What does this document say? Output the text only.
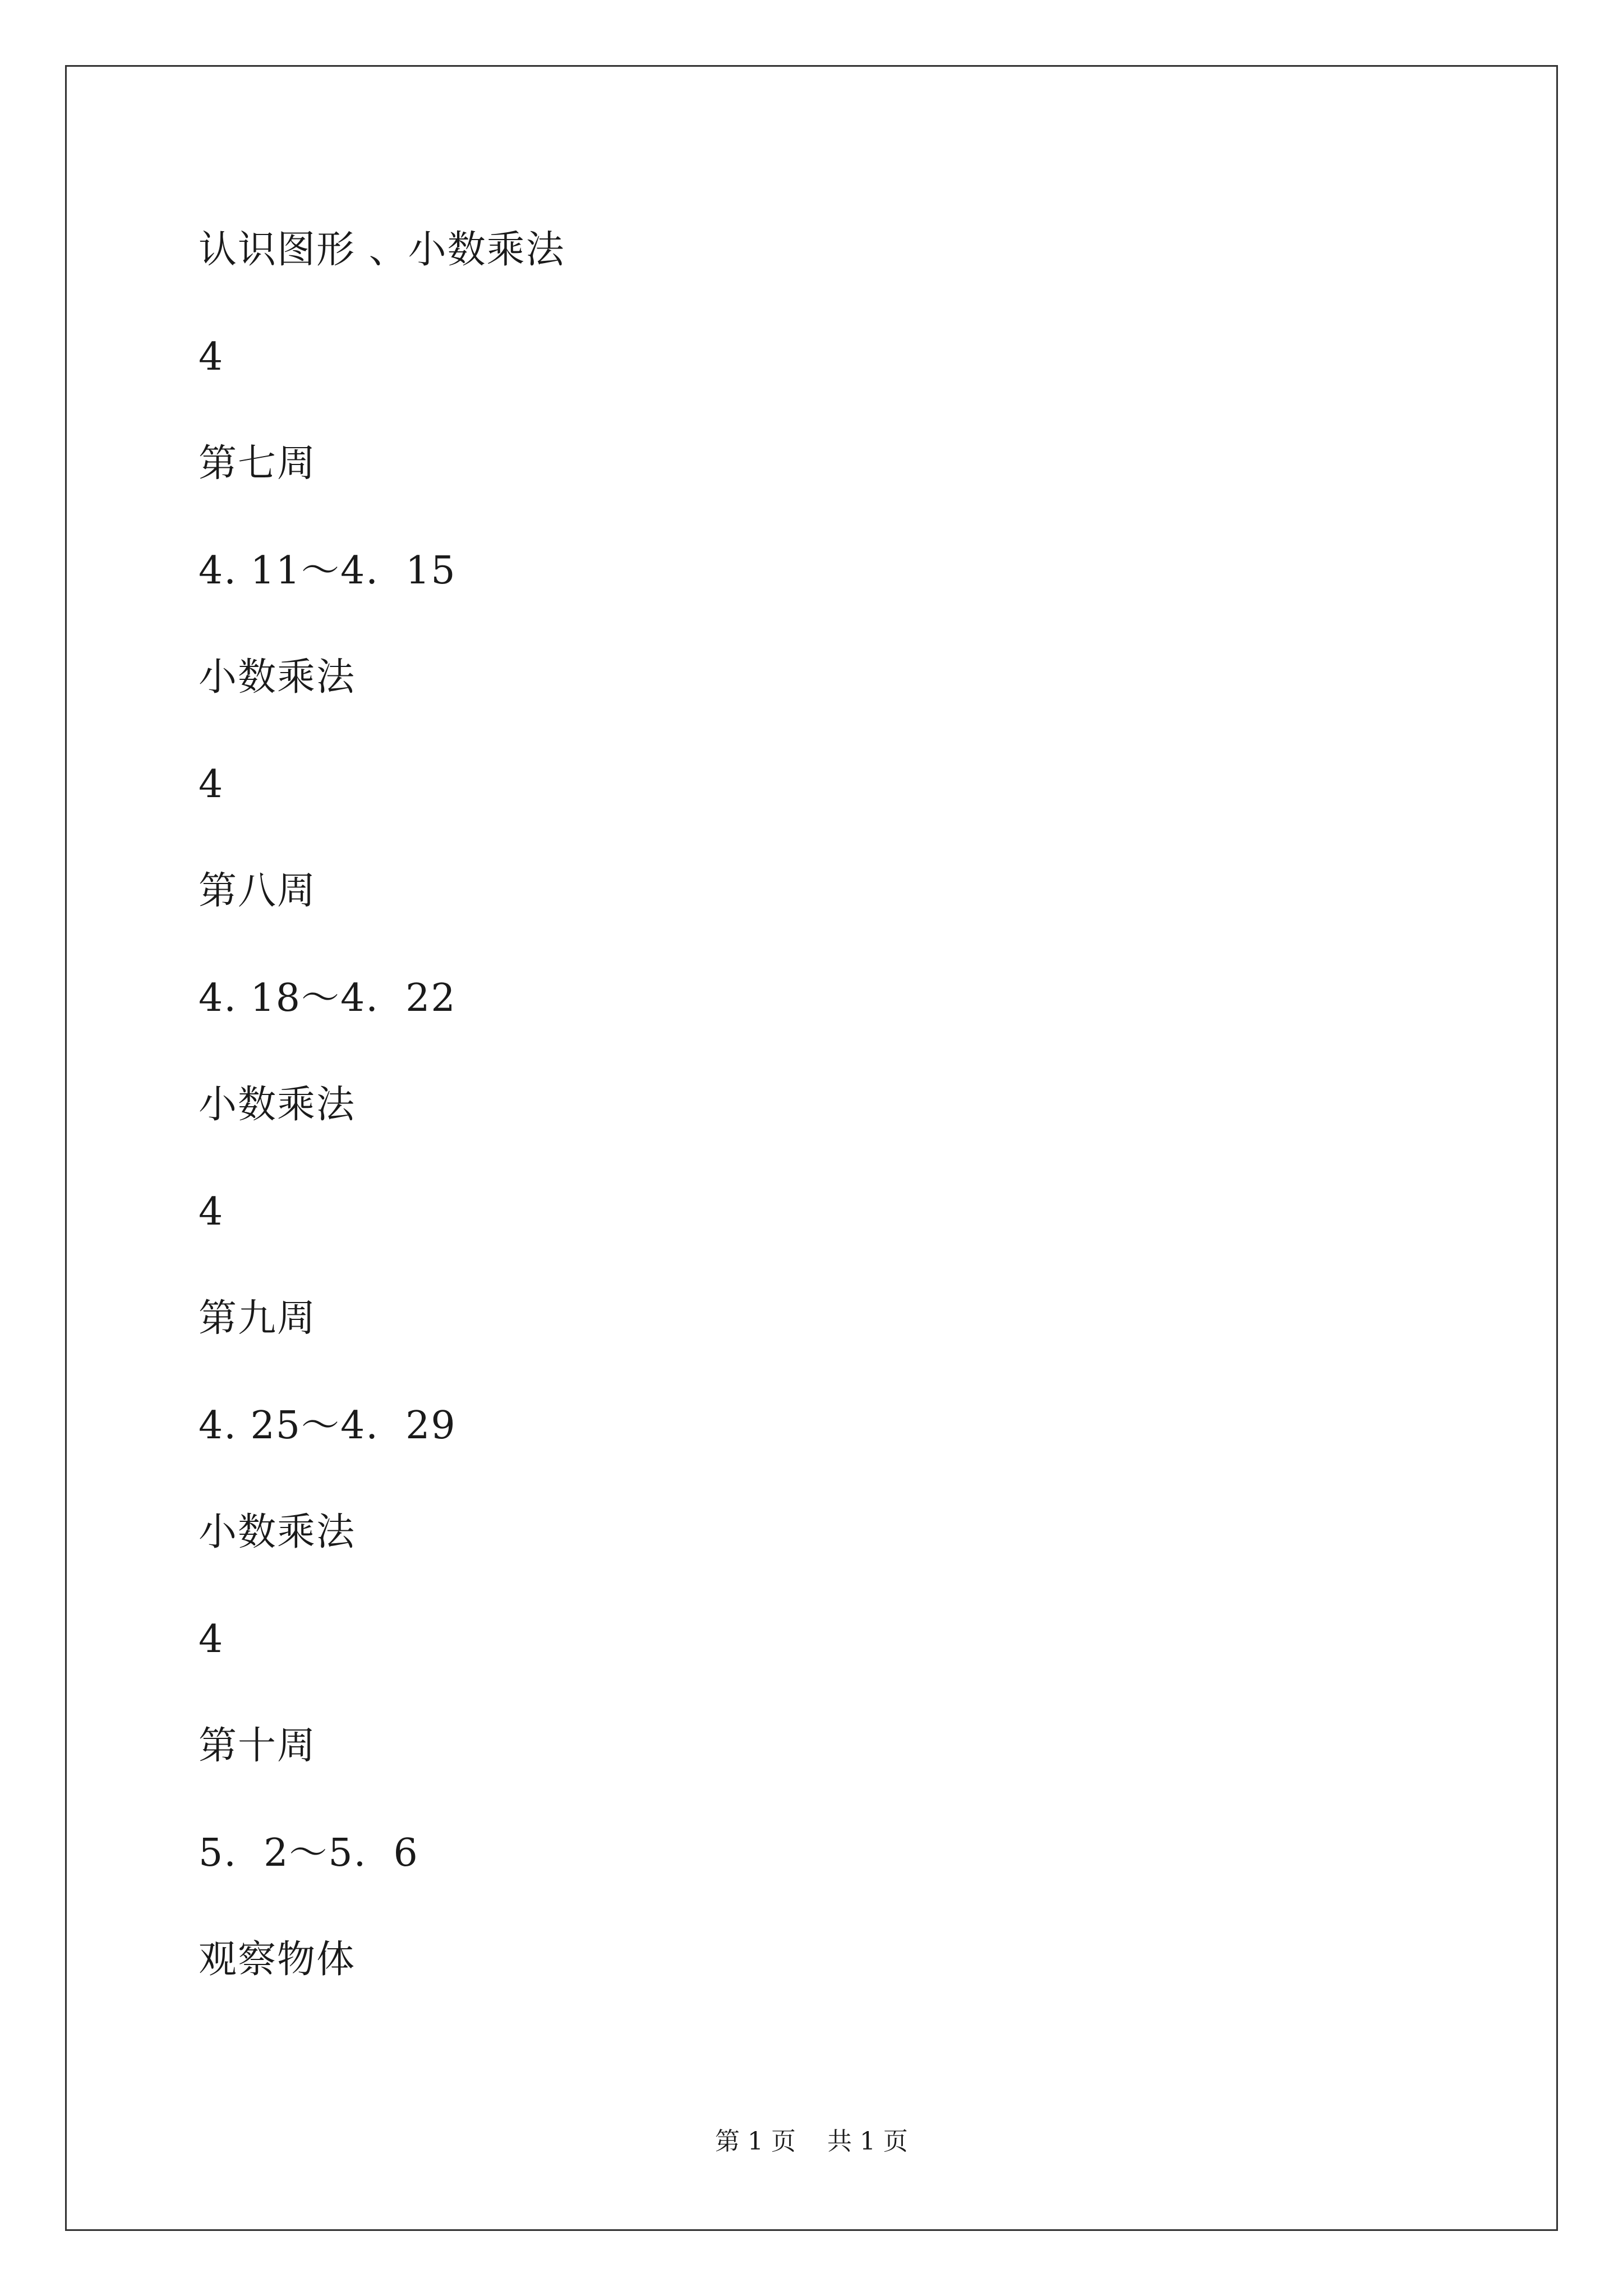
认识图形 、小数乘法
4
第七周
4. 11～4.  15
小数乘法
4
第八周
4. 18～4.  22
小数乘法
4
第九周
4. 25～4.  29
小数乘法
4
第十周
5.  2～5.  6
观察物体
第 1 页    共 1 页
